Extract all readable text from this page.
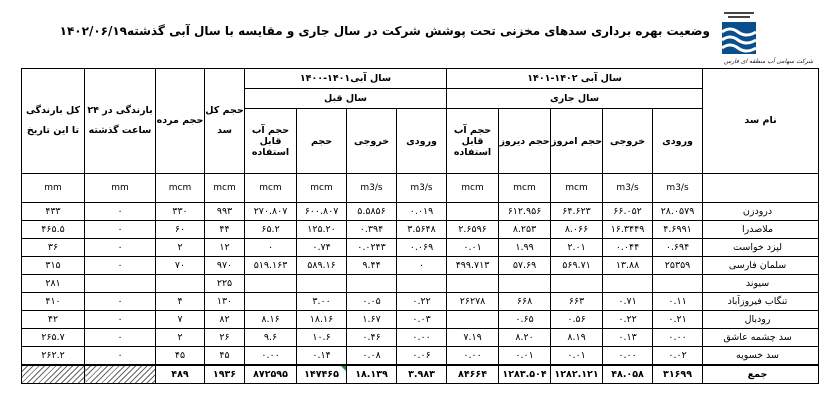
وضعیت بهره برداری سدهای مخزنی تحت پوشش شرکت در سال جاری و مقایسه با سال آبی گذشته۱۴۰۲/۰۶/۱۹
شرکت سهامی آب منطقه ای فارس
نام سد	سال آبی ۱۴۰۲-۱۴۰۱					سال آبی۱۴۰۱-۱۴۰۰				حجم کل سد	حجم مرده	بارندگی در ۲۴ ساعت گذشته	کل بارندگی تا این تاریخ
	سال جاری					سال قبل							
	ورودی	خروجی	حجم امروز	حجم دیروز	حجم آب قابل استفاده	ورودی	خروجی	حجم	حجم آب قابل استفاده				
	m3/s	m3/s	mcm	mcm	mcm	m3/s	m3/s	mcm	mcm	mcm	mcm	mm	mm
درودزن	۲۸.۰۵۷۹	۶۶.۰۵۲	۶۴.۶۲۳	۶۱۲.۹۵۶		۰.۰۱۹	۵.۵۸۵۶	۶۰۰.۸۰۷	۲۷۰.۸۰۷	۹۹۳	۳۳۰	۰	۴۳۳
ملاصدرا	۴.۶۹۹۱	۱۶.۳۴۴۹	۸.۰۶۶	۸.۲۵۳	۲.۶۵۹۶	۳.۵۶۴۸	۰.۳۹۴	۱۲۵.۲۰	۶۵.۲	۴۴	۶۰	۰	۴۶۵.۵
لپزد خواست	۰.۶۹۴	۰.۰۴۴	۲.۰۱	۱.۹۹	۰.۰۱	۰.۰۶۹	۰.۰۲۴۳	۰.۷۴	۰	۱۲	۲	۰	۳۶
سلمان فارسی	۲۵۳۵۹	۱۳.۸۸	۵۶۹.۷۱	۵۷.۶۹	۴۹۹.۷۱۳	۰	۹.۴۴	۵۸۹.۱۶	۵۱۹.۱۶۳	۹۷۰	۷۰	۰	۳۱۵
سیوند										۲۲۵			۲۸۱
تنگاب فیروزآباد	۰.۱۱	۰.۷۱	۶۶۳	۶۶۸	۲۶۲۷۸	۰.۲۲	۰.۰۵	۳.۰۰		۱۳۰	۴	۰	۴۱۰
رودبال	۰.۲۱	۰.۲۲	۰.۵۶	۰.۶۵		۰.۰۳	۱.۶۷	۱۸.۱۶	۸.۱۶	۸۲	۷	۰	۴۲
سد چشمه عاشق	۰.۰۰	۰.۱۳	۸.۱۹	۸.۲۰	۷.۱۹	۰.۰۰	۰.۴۶	۱۰.۶	۹.۶	۲۶	۲	۰	۲۶۵.۷
سد خسویه	۰.۰۲	۰.۰۰	۰.۰۱	۰.۰۱	۰.۰۰	۰.۰۶	۰.۰۸	۰.۱۴	۰.۰۰	۴۵	۴۵	۰	۲۶۲.۲
جمع	۳۱۶۹۹	۴۸.۰۵۸	۱۲۸۲.۱۲۱	۱۲۸۳.۵۰۴	۸۴۶۶۴	۳.۹۸۳	۱۸.۱۳۹	۱۴۷۴۶۵	۸۷۲۵۹۵	۱۹۳۶	۴۸۹		
